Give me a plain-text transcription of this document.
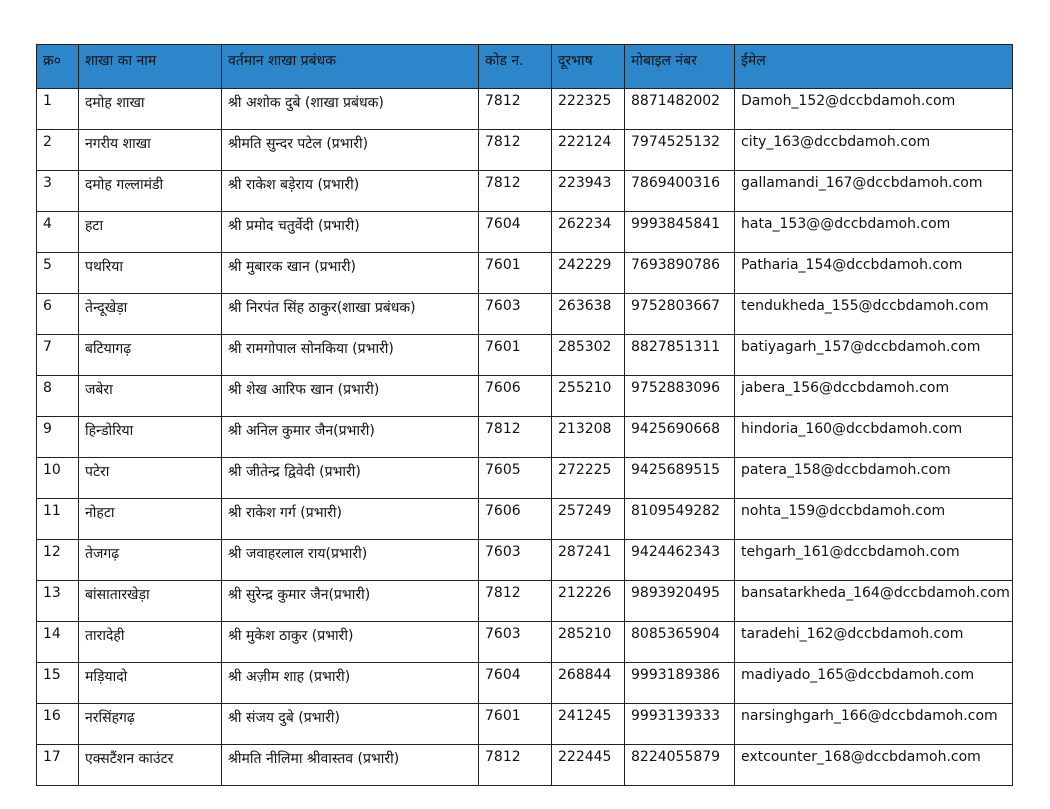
क्र०	शाखा का नाम	वर्तमान शाखा प्रबंधक	कोड न.	दूरभाष	मोबाइल नंबर	ईमेल
1	दमोह शाखा	श्री अशोक दुबे (शाखा प्रबंधक)	7812	222325	8871482002	Damoh_152@dccbdamoh.com
2	नगरीय शाखा	श्रीमति सुन्दर पटेल (प्रभारी)	7812	222124	7974525132	city_163@dccbdamoh.com
3	दमोह गल्लामंडी	श्री राकेश बड़ेराय (प्रभारी)	7812	223943	7869400316	gallamandi_167@dccbdamoh.com
4	हटा	श्री प्रमोद चतुर्वेदी (प्रभारी)	7604	262234	9993845841	hata_153@@dccbdamoh.com
5	पथरिया	श्री मुबारक खान (प्रभारी)	7601	242229	7693890786	Patharia_154@dccbdamoh.com
6	तेन्दूखेड़ा	श्री निरपंत सिंह ठाकुर(शाखा प्रबंधक)	7603	263638	9752803667	tendukheda_155@dccbdamoh.com
7	बटियागढ़	श्री रामगोपाल सोनकिया (प्रभारी)	7601	285302	8827851311	batiyagarh_157@dccbdamoh.com
8	जबेरा	श्री शेख आरिफ खान (प्रभारी)	7606	255210	9752883096	jabera_156@dccbdamoh.com
9	हिन्डोरिया	श्री अनिल कुमार जैन(प्रभारी)	7812	213208	9425690668	hindoria_160@dccbdamoh.com
10	पटेरा	श्री जीतेन्द्र द्विवेदी (प्रभारी)	7605	272225	9425689515	patera_158@dccbdamoh.com
11	नोहटा	श्री राकेश गर्ग (प्रभारी)	7606	257249	8109549282	nohta_159@dccbdamoh.com
12	तेजगढ़	श्री जवाहरलाल राय(प्रभारी)	7603	287241	9424462343	tehgarh_161@dccbdamoh.com
13	बांसातारखेड़ा	श्री सुरेन्द्र कुमार जैन(प्रभारी)	7812	212226	9893920495	bansatarkheda_164@dccbdamoh.com
14	तारादेही	श्री मुकेश ठाकुर (प्रभारी)	7603	285210	8085365904	taradehi_162@dccbdamoh.com
15	मड़ियादो	श्री अज़ीम शाह (प्रभारी)	7604	268844	9993189386	madiyado_165@dccbdamoh.com
16	नरसिंहगढ़	श्री संजय दुबे (प्रभारी)	7601	241245	9993139333	narsinghgarh_166@dccbdamoh.com
17	एक्सटैंशन काउंटर	श्रीमति नीलिमा श्रीवास्तव (प्रभारी)	7812	222445	8224055879	extcounter_168@dccbdamoh.com
